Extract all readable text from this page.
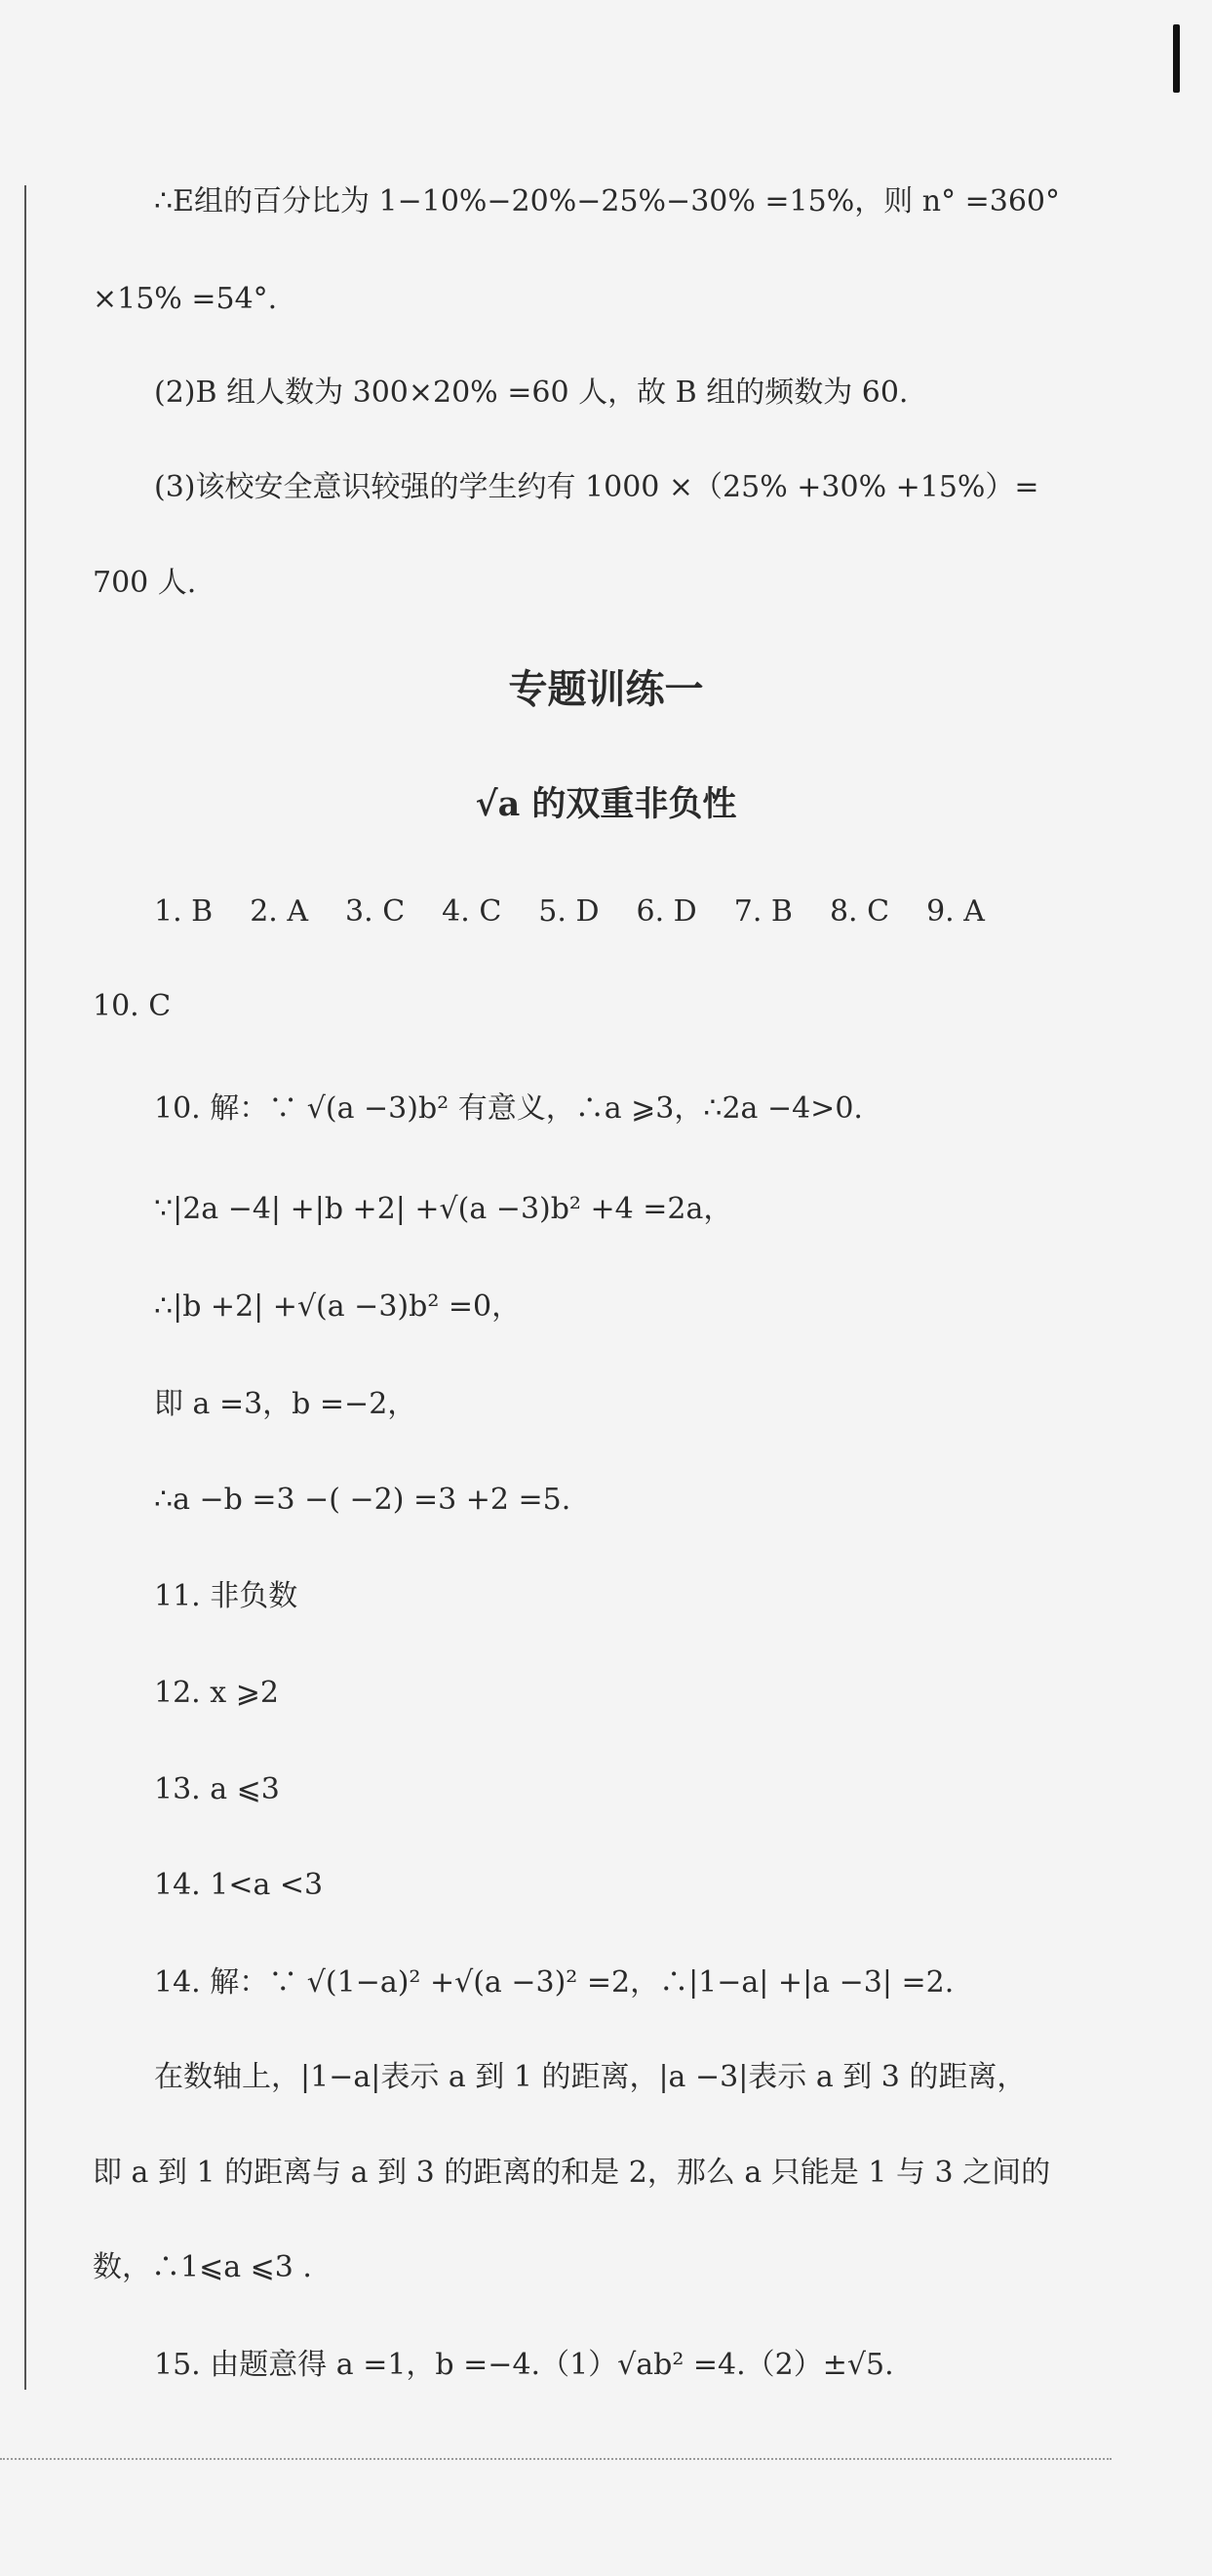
∴E组的百分比为 1−10%−20%−25%−30% =15%，则 n° =360°
×15% =54°.
(2)B 组人数为 300×20% =60 人，故 B 组的频数为 60.
(3)该校安全意识较强的学生约有 1000 ×（25% +30% +15%）=
700 人.
专题训练一
√a 的双重非负性
1. B 2. A 3. C 4. C 5. D 6. D 7. B 8. C 9. A
10. C
10. 解：∵ √(a −3)b² 有意义，∴a ⩾3，∴2a −4>0.
∵|2a −4| +|b +2| +√(a −3)b² +4 =2a，
∴|b +2| +√(a −3)b² =0，
即 a =3，b =−2，
∴a −b =3 −( −2) =3 +2 =5.
11. 非负数
12. x ⩾2
13. a ⩽3
14. 1<a <3
14. 解：∵ √(1−a)² +√(a −3)² =2，∴|1−a| +|a −3| =2.
在数轴上，|1−a|表示 a 到 1 的距离，|a −3|表示 a 到 3 的距离，
即 a 到 1 的距离与 a 到 3 的距离的和是 2，那么 a 只能是 1 与 3 之间的
数，∴1⩽a ⩽3 .
15. 由题意得 a =1，b =−4.（1）√ab² =4.（2）±√5.
